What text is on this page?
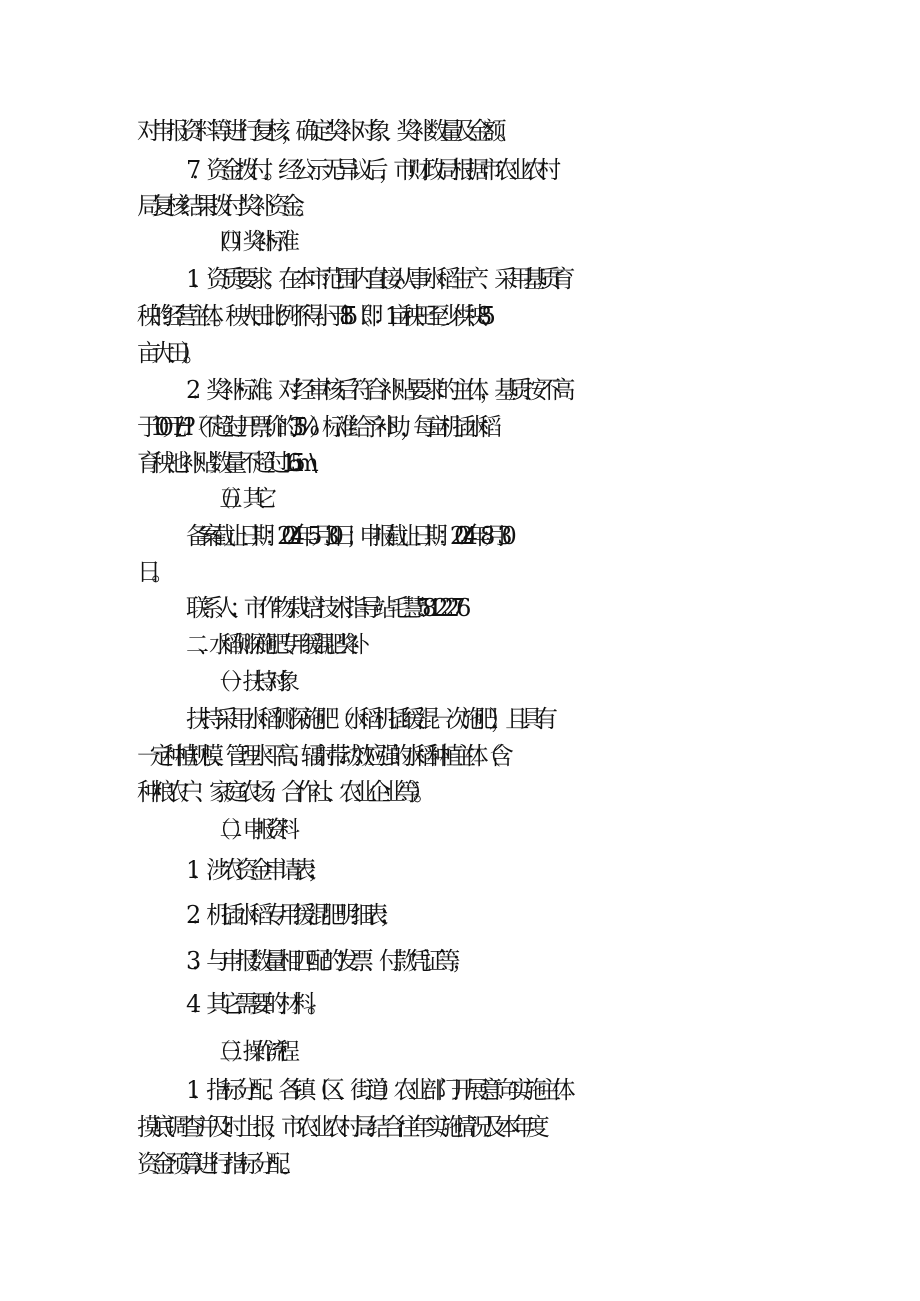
对申报资料等进行复核，确定奖补对象、奖补数量及金额。
7．资金拨付。经公示无异议后，市财政局根据市农业农村
局复核结果拨付奖补资金。
（四）奖补标准
1．资质要求。在本市范围内直接从事水稻生产、采用基质育
秧的经营主体。秧大田比例不得小于1:85（即：1亩秧田至少供秧85
亩大田）。
2．奖补标准。对经审核后符合补贴要求的主体，基质按不高
于100元/H?（不超过开票价的35%）标准给予补助，每亩机插水稻
育秧池补贴数量不超过16.5m\
（五）其它
备案截止日期：2024年5月30日；申报截止日期：2024年8月30
日。
联系人：市作物栽培技术指导站毛慧58122276
二、水稻侧深施肥专用缓混肥奖补
（一）扶持对象
扶持采用水稻侧深施肥（水稻机插缓混一次施肥），且具有
一定种植规模、管理水平高、辐射带动效应强的水稻种植主体（含
种粮农户、家庭农场、合作社、农业企业等）。
（二）申报资料
1．涉农资金申请表；
2．机插水稻专用缓混肥明细表；
3．与申报数量相匹配的发票、付款凭证等；
4．其它需要的材料。
（三）操作流程
1．指标分配。各镇（区、街道）农业部门开展意向实施主体
摸底调查并及时上报，市农业农村局结合往年实施情况及本年度
资金预算进行指标分配。
